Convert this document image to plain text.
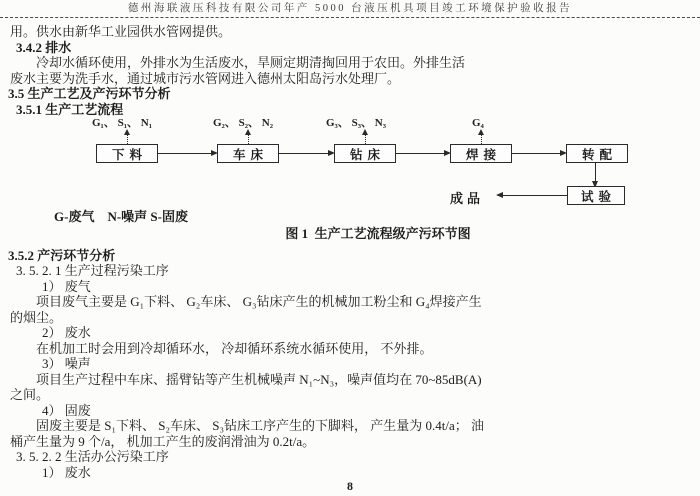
德州海联液压科技有限公司年产 5000 台液压机具项目竣工环境保护验收报告
用。供水由新华工业园供水管网提供。
3.4.2 排水
冷却水循环使用，外排水为生活废水，旱厕定期清掏回用于农田。外排生活
废水主要为洗手水，通过城市污水管网进入德州太阳岛污水处理厂。
3.5 生产工艺及产污环节分析
3.5.1 生产工艺流程
G₁、 S₁、 N₁	G₂、 S₂、 N₂	G₃、 S₃、 N₃	G₄
下料	车床	钻床	焊接	转配
试验
成品
G-废气　N-噪声 S-固废
图 1  生产工艺流程级产污环节图
3.5.2 产污环节分析
3. 5. 2. 1 生产过程污染工序
1） 废气
项目废气主要是 G₁下料、 G₂车床、 G₃钻床产生的机械加工粉尘和 G₄焊接产生
的烟尘。
2） 废水
在机加工时会用到冷却循环水， 冷却循环系统水循环使用， 不外排。
3） 噪声
项目生产过程中车床、摇臂钻等产生机械噪声 N₁~N₃，噪声值均在 70~85dB(A)
之间。
4） 固废
固废主要是 S₁下料、 S₂车床、 S₃钻床工序产生的下脚料， 产生量为 0.4t/a； 油
桶产生量为 9 个/a， 机加工产生的废润滑油为 0.2t/a。
3. 5. 2. 2 生活办公污染工序
1） 废水
8
